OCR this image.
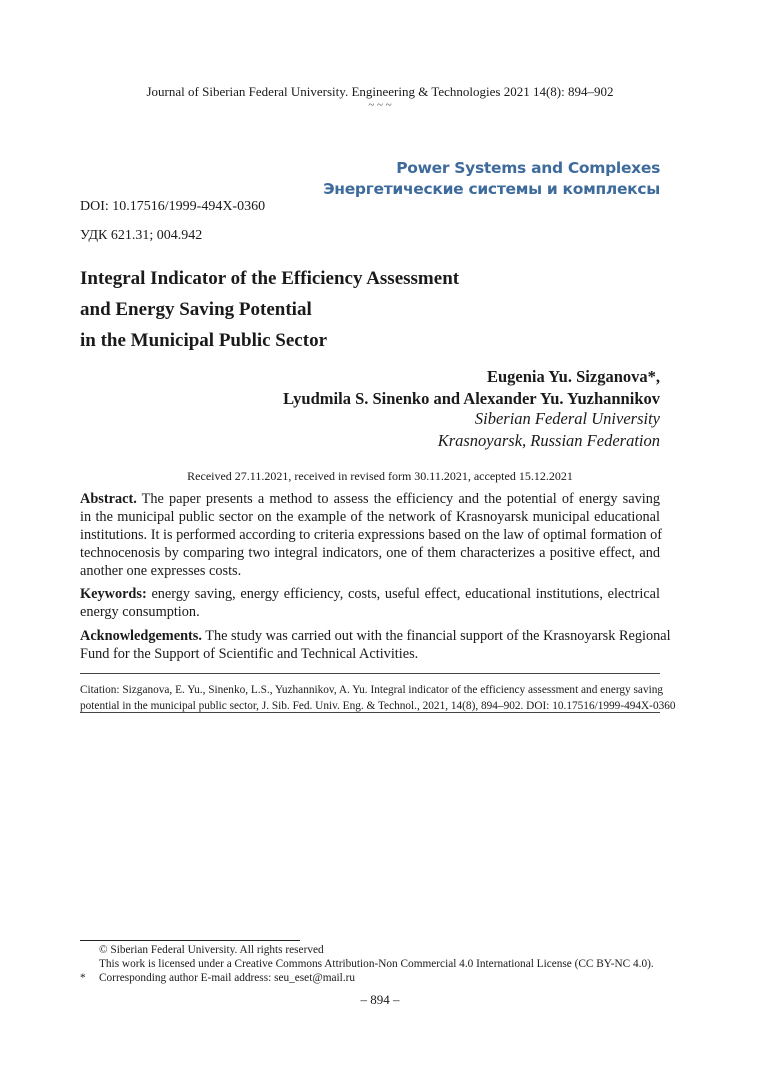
Journal of Siberian Federal University. Engineering & Technologies 2021 14(8): 894–902
~ ~ ~
Power Systems and Complexes
Энергетические системы и комплексы
DOI: 10.17516/1999-494X-0360
УДК 621.31; 004.942
Integral Indicator of the Efficiency Assessment
and Energy Saving Potential
in the Municipal Public Sector
Eugenia Yu. Sizganova*,
Lyudmila S. Sinenko and Alexander Yu. Yuzhannikov
Siberian Federal University
Krasnoyarsk, Russian Federation
Received 27.11.2021, received in revised form 30.11.2021, accepted 15.12.2021
Abstract. The paper presents a method to assess the efficiency and the potential of energy saving
in the municipal public sector on the example of the network of Krasnoyarsk municipal educational
institutions. It is performed according to criteria expressions based on the law of optimal formation of
technocenosis by comparing two integral indicators, one of them characterizes a positive effect, and
another one expresses costs.
Keywords: energy saving, energy efficiency, costs, useful effect, educational institutions, electrical
energy consumption.
Acknowledgements. The study was carried out with the financial support of the Krasnoyarsk Regional
Fund for the Support of Scientific and Technical Activities.
Citation: Sizganova, E. Yu., Sinenko, L.S., Yuzhannikov, A. Yu. Integral indicator of the efficiency assessment and energy saving
potential in the municipal public sector, J. Sib. Fed. Univ. Eng. & Technol., 2021, 14(8), 894–902. DOI: 10.17516/1999-494X-0360
© Siberian Federal University. All rights reserved
This work is licensed under a Creative Commons Attribution-Non Commercial 4.0 International License (CC BY-NC 4.0).
* Corresponding author E-mail address: seu_eset@mail.ru
– 894 –
